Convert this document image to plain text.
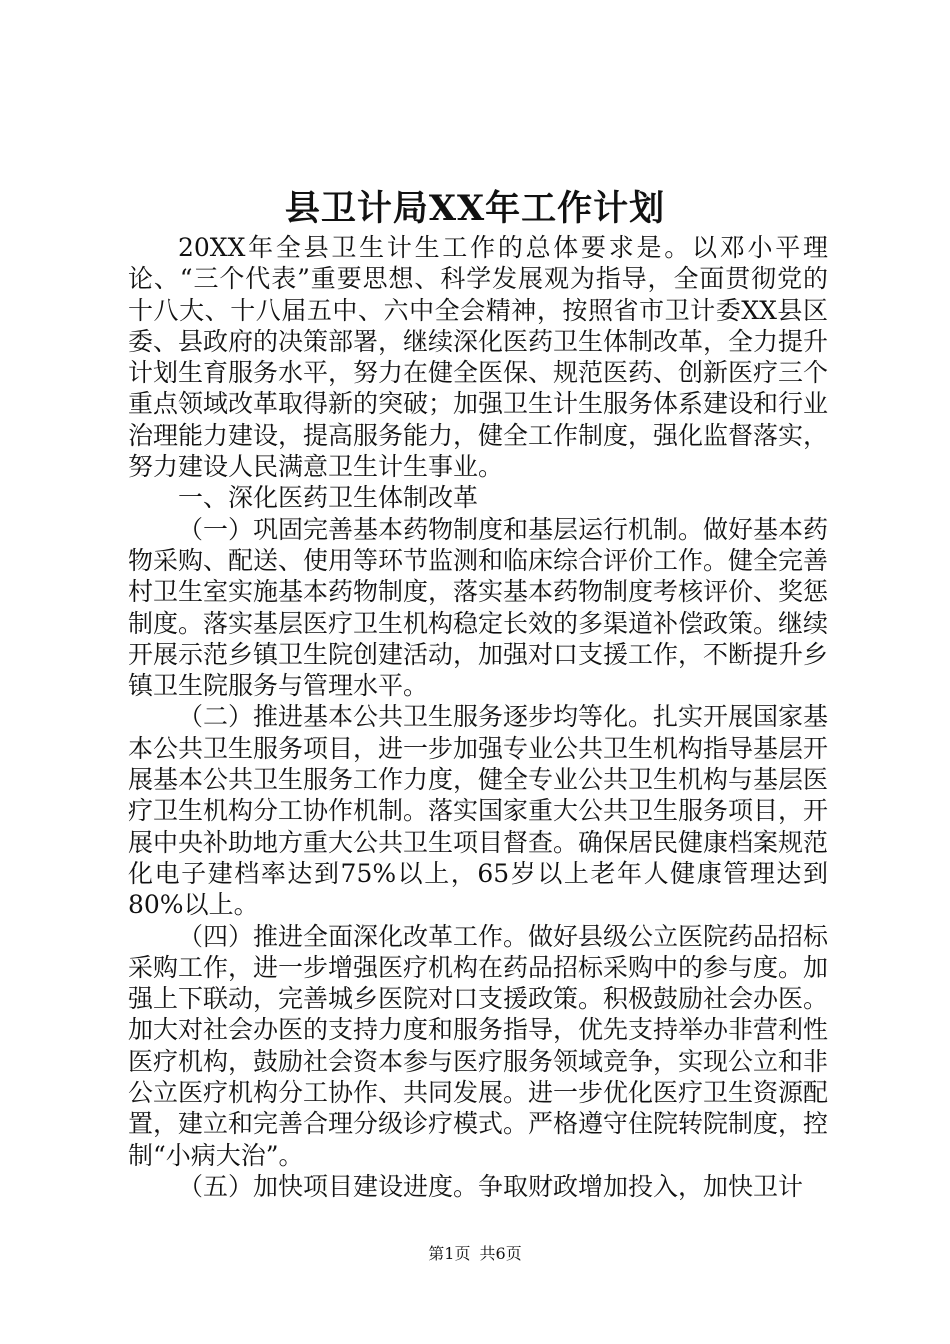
县卫计局XX年工作计划

20XX年全县卫生计生工作的总体要求是。以邓小平理论、“三个代表”重要思想、科学发展观为指导，全面贯彻党的十八大、十八届五中、六中全会精神，按照省市卫计委XX县区委、县政府的决策部署，继续深化医药卫生体制改革，全力提升计划生育服务水平，努力在健全医保、规范医药、创新医疗三个重点领域改革取得新的突破；加强卫生计生服务体系建设和行业治理能力建设，提高服务能力，健全工作制度，强化监督落实，努力建设人民满意卫生计生事业。

一、深化医药卫生体制改革

（一）巩固完善基本药物制度和基层运行机制。做好基本药物采购、配送、使用等环节监测和临床综合评价工作。健全完善村卫生室实施基本药物制度，落实基本药物制度考核评价、奖惩制度。落实基层医疗卫生机构稳定长效的多渠道补偿政策。继续开展示范乡镇卫生院创建活动，加强对口支援工作，不断提升乡镇卫生院服务与管理水平。

（二）推进基本公共卫生服务逐步均等化。扎实开展国家基本公共卫生服务项目，进一步加强专业公共卫生机构指导基层开展基本公共卫生服务工作力度，健全专业公共卫生机构与基层医疗卫生机构分工协作机制。落实国家重大公共卫生服务项目，开展中央补助地方重大公共卫生项目督查。确保居民健康档案规范化电子建档率达到75%以上，65岁以上老年人健康管理达到80%以上。

（四）推进全面深化改革工作。做好县级公立医院药品招标采购工作，进一步增强医疗机构在药品招标采购中的参与度。加强上下联动，完善城乡医院对口支援政策。积极鼓励社会办医。加大对社会办医的支持力度和服务指导，优先支持举办非营利性医疗机构，鼓励社会资本参与医疗服务领域竞争，实现公立和非公立医疗机构分工协作、共同发展。进一步优化医疗卫生资源配置，建立和完善合理分级诊疗模式。严格遵守住院转院制度，控制“小病大治”。

（五）加快项目建设进度。争取财政增加投入，加快卫计

第1页 共6页
